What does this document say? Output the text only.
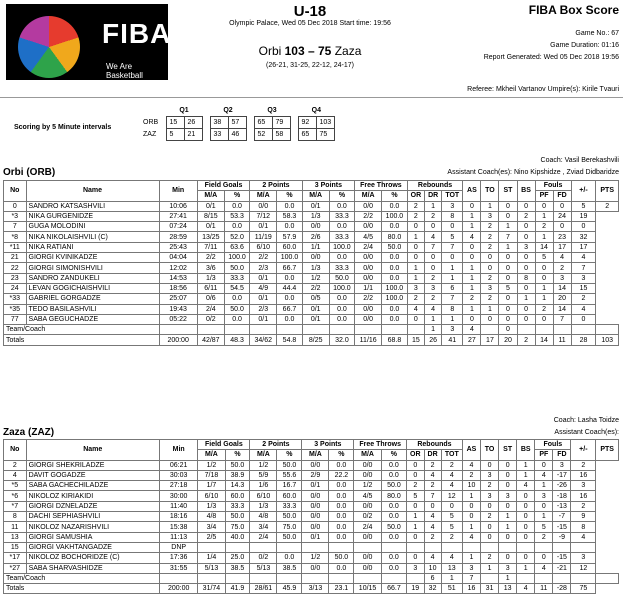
FIBA
We Are Basketball
U-18
Olympic Palace, Wed 05 Dec 2018 Start time: 19:56
Orbi 103 – 75 Zaza
(26-21, 31-25, 22-12, 24-17)
FIBA Box Score
Game No.: 67
Game Duration: 01:16
Report Generated: Wed 05 Dec 2018 19:56
Referee: Mkheil Vartanov Umpire(s): Kirile Tvauri
Scoring by 5 Minute intervals
	Q1			Q2			Q3			Q4	
ORB	15	26		38	57		65	79		92	103
ZAZ	5	21		33	46		52	58		65	75
Orbi (ORB)
Coach: Vasil Berekashvili
Assistant Coach(es): Nino Kipshidze , Zviad Didbaridze
No	Name	Min	Field Goals		2 Points		3 Points		Free Throws		Rebounds			AS	TO	ST	BS	Fouls		+/-	PTS
			M/A	%	M/A	%	M/A	%	M/A	%	OR	DR	TOT					PF	FD		
0	SANDRO KATSASHVILI	10:06	0/1	0.0	0/0	0.0	0/1	0.0	0/0	0.0	2	1	3	0	1	0	0	0	0	5	2
*3	NIKA GURGENIDZE	27:41	8/15	53.3	7/12	58.3	1/3	33.3	2/2	100.0	2	2	8	1	3	0	2	1	24	19	
7	GUGA MOLODINI	07:24	0/1	0.0	0/1	0.0	0/0	0.0	0/0	0.0	0	0	0	1	2	1	0	2	0	0	
*8	NIKA NIKOLAISHVILI (C)	28:59	13/25	52.0	11/19	57.9	2/6	33.3	4/5	80.0	1	4	5	4	2	7	0	1	23	32	
*11	NIKA RATIANI	25:43	7/11	63.6	6/10	60.0	1/1	100.0	2/4	50.0	0	7	7	0	2	1	3	14	17	17	
21	GIORGI KVINIKADZE	04:04	2/2	100.0	2/2	100.0	0/0	0.0	0/0	0.0	0	0	0	0	0	0	0	5	4	4	
22	GIORGI SIMONISHVILI	12:02	3/6	50.0	2/3	66.7	1/3	33.3	0/0	0.0	1	0	1	1	0	0	0	0	2	7	
23	SANDRO ZANDUKELI	14:53	1/3	33.3	0/1	0.0	1/2	50.0	0/0	0.0	1	2	1	1	2	0	8	0	3	3	
24	LEVAN GOGICHAISHVILI	18:56	6/11	54.5	4/9	44.4	2/2	100.0	1/1	100.0	3	3	6	1	3	5	0	1	14	15	
*33	GABRIEL GORGADZE	25:07	0/6	0.0	0/1	0.0	0/5	0.0	2/2	100.0	2	2	7	2	2	0	1	1	20	2	
*35	TEDO BASILASHVILI	19:43	2/4	50.0	2/3	66.7	0/1	0.0	0/0	0.0	4	4	8	1	1	0	0	2	14	4	
77	SABA GEGUCHADZE	05:22	0/2	0.0	0/1	0.0	0/1	0.0	0/0	0.0	0	1	1	0	0	0	0	0	7	0	
Team/Coach												1	3	4		0					
Totals		200:00	42/87	48.3	34/62	54.8	8/25	32.0	11/16	68.8	15	26	41	27	17	20	2	14	11	28	103
Zaza (ZAZ)
Coach: Lasha Toidze
Assistant Coach(es):
No	Name	Min	Field Goals		2 Points		3 Points		Free Throws		Rebounds			AS	TO	ST	BS	Fouls		+/-	PTS
			M/A	%	M/A	%	M/A	%	M/A	%	OR	DR	TOT					PF	FD		
2	GIORGI SHEKRILADZE	06:21	1/2	50.0	1/2	50.0	0/0	0.0	0/0	0.0	0	2	2	4	0	0	1	0	3	2	
4	DAVIT GOGADZE	30:03	7/18	38.9	5/9	55.6	2/9	22.2	0/0	0.0	0	4	4	2	3	0	1	4	-17	16	
*5	SABA GACHECHILADZE	27:18	1/7	14.3	1/6	16.7	0/1	0.0	1/2	50.0	2	2	4	10	2	0	4	1	-26	3	
*6	NIKOLOZ KIRIAKIDI	30:00	6/10	60.0	6/10	60.0	0/0	0.0	4/5	80.0	5	7	12	1	3	3	0	3	-18	16	
*7	GIORGI DZNELADZE	11:40	1/3	33.3	1/3	33.3	0/0	0.0	0/0	0.0	0	0	0	0	0	0	0	0	-13	2	
8	DACHI SEPHIASHVILI	18:16	4/8	50.0	4/8	50.0	0/0	0.0	0/2	0.0	1	4	5	0	2	1	0	1	-7	9	
11	NIKOLOZ NAZARISHVILI	15:38	3/4	75.0	3/4	75.0	0/0	0.0	2/4	50.0	1	4	5	1	0	1	0	5	-15	8	
13	GIORGI SAMUSHIA	11:13	2/5	40.0	2/4	50.0	0/1	0.0	0/0	0.0	0	2	2	4	0	0	0	2	-9	4	
15	GIORGI VAKHTANGADZE	DNP																			
*17	NIKOLOZ BOCHORIDZE (C)	17:36	1/4	25.0	0/2	0.0	1/2	50.0	0/0	0.0	0	4	4	1	2	0	0	0	-15	3	
*27	SABA SHARVASHIDZE	31:55	5/13	38.5	5/13	38.5	0/0	0.0	0/0	0.0	3	10	13	3	1	3	1	4	-21	12	
Team/Coach												6	1	7		1					
Totals		200:00	31/74	41.9	28/61	45.9	3/13	23.1	10/15	66.7	19	32	51	16	31	13	4	11	-28	75	
